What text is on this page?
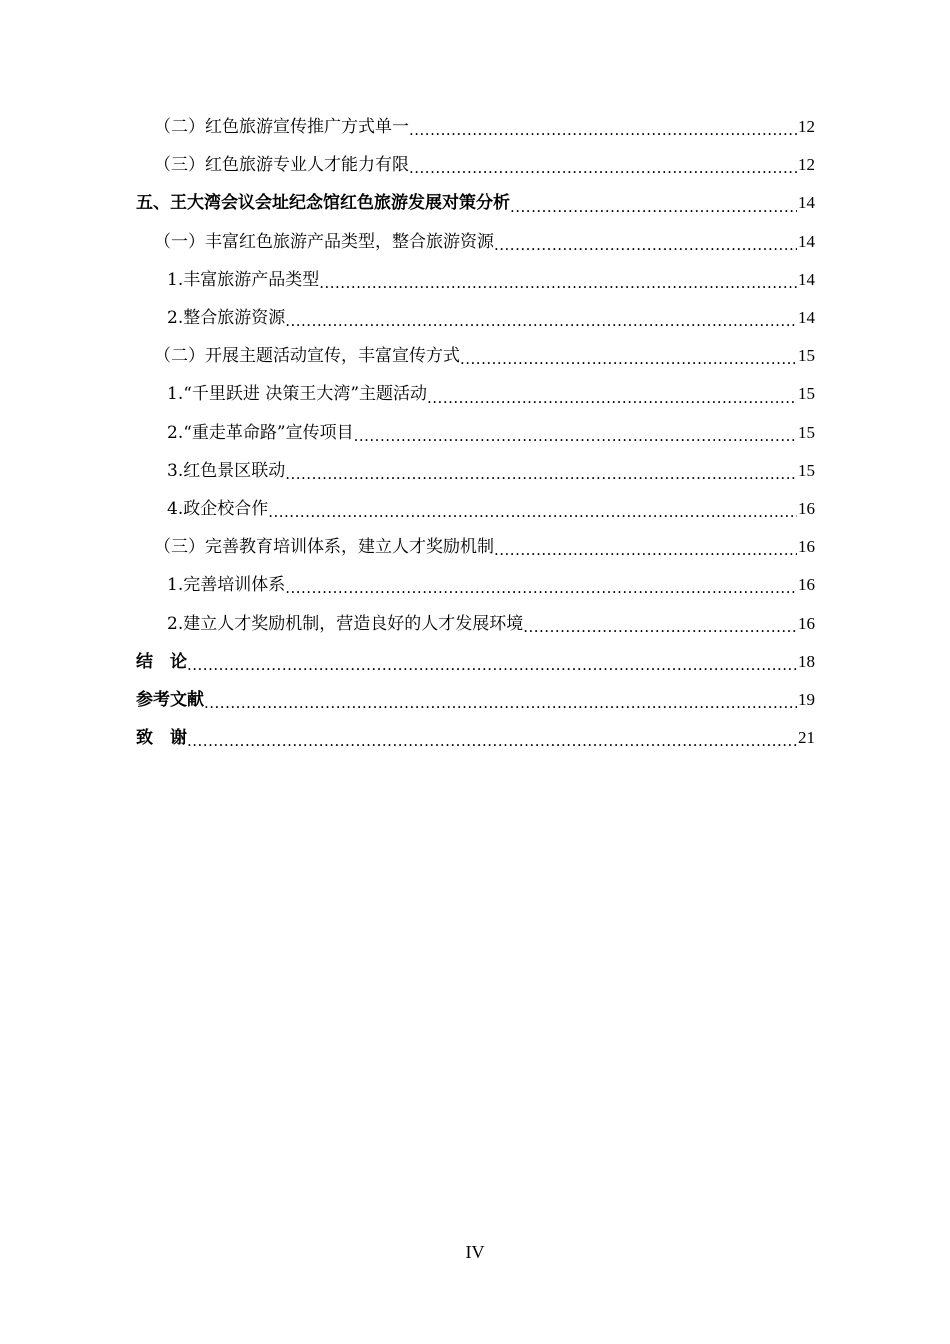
（二）红色旅游宣传推广方式单一 .....	12
（三）红色旅游专业人才能力有限 .....	12
五、王大湾会议会址纪念馆红色旅游发展对策分析 .....	14
（一）丰富红色旅游产品类型，整合旅游资源 .....	14
1.丰富旅游产品类型 .....	14
2.整合旅游资源 .....	14
（二）开展主题活动宣传，丰富宣传方式 .....	15
1.“千里跃进 决策王大湾”主题活动 .....	15
2.“重走革命路”宣传项目 .....	15
3.红色景区联动 .....	15
4.政企校合作 .....	16
（三）完善教育培训体系，建立人才奖励机制 .....	16
1.完善培训体系 .....	16
2.建立人才奖励机制，营造良好的人才发展环境 .....	16
结　论 .....	18
参考文献 .....	19
致　谢 .....	21
IV
